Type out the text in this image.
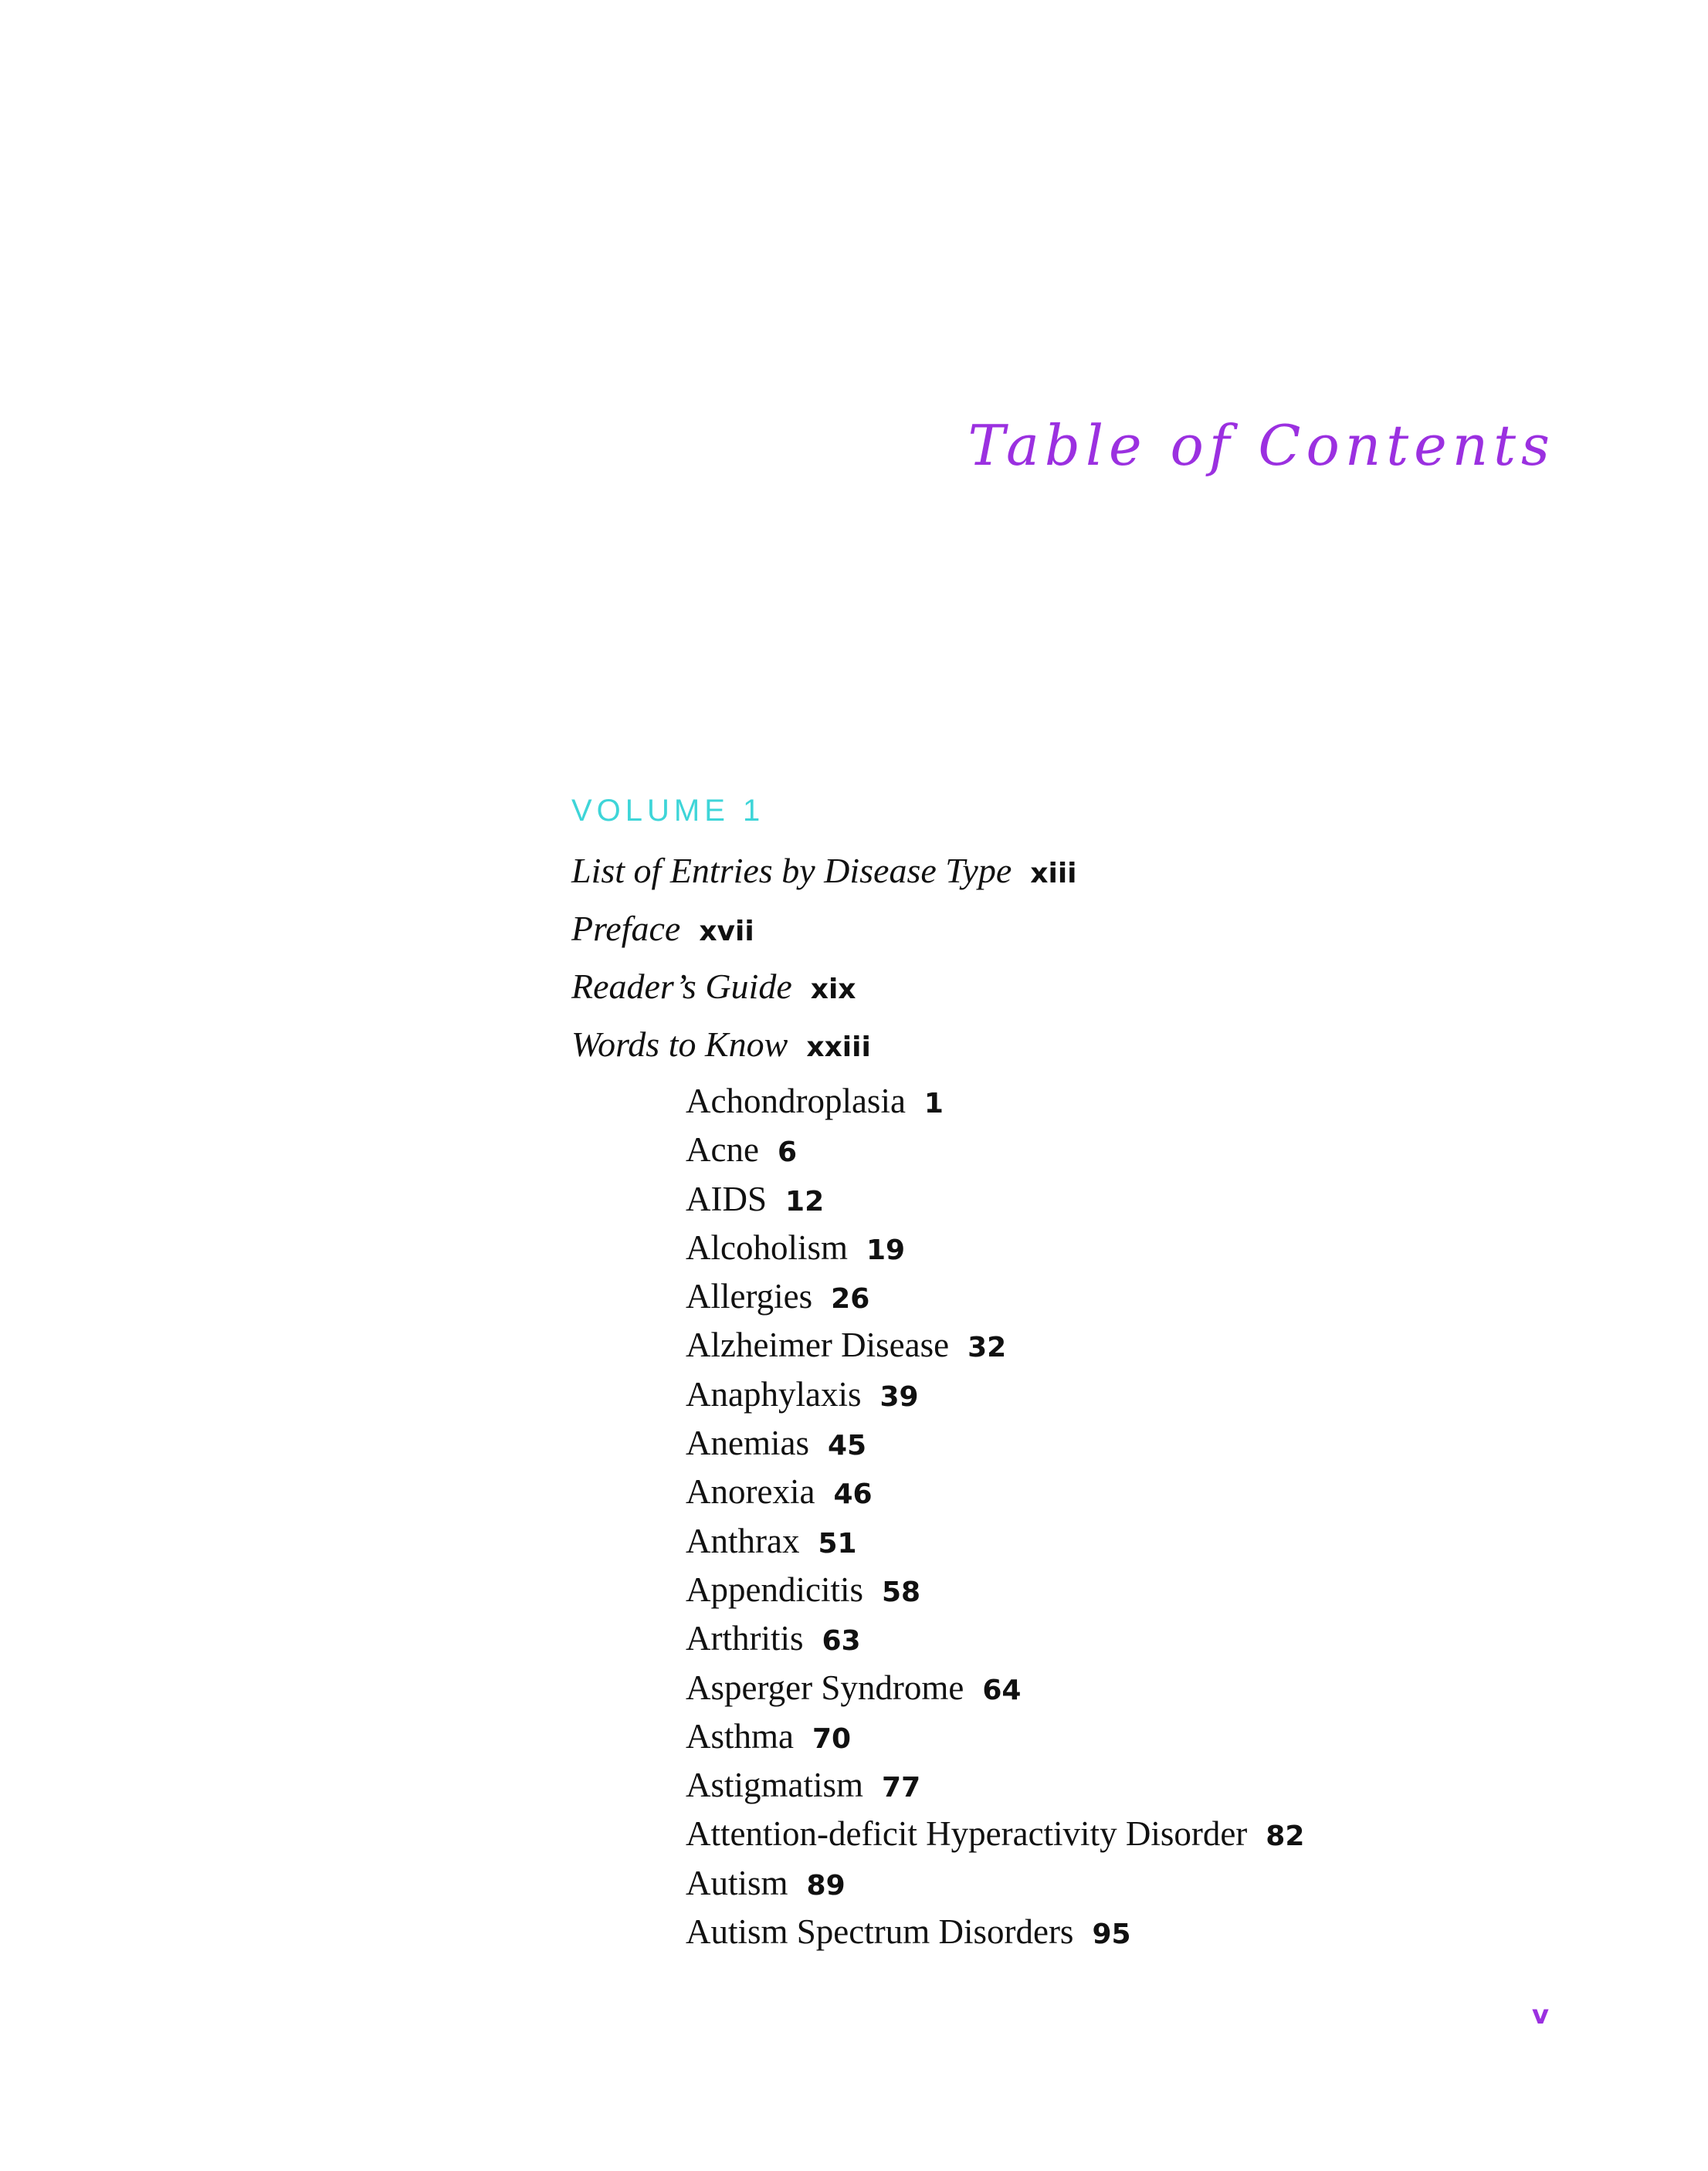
Table of Contents
VOLUME 1
List of Entries by Disease Type xiii
Preface xvii
Reader’s Guide xix
Words to Know xxiii
Achondroplasia 1
Acne 6
AIDS 12
Alcoholism 19
Allergies 26
Alzheimer Disease 32
Anaphylaxis 39
Anemias 45
Anorexia 46
Anthrax 51
Appendicitis 58
Arthritis 63
Asperger Syndrome 64
Asthma 70
Astigmatism 77
Attention-deficit Hyperactivity Disorder 82
Autism 89
Autism Spectrum Disorders 95
v
